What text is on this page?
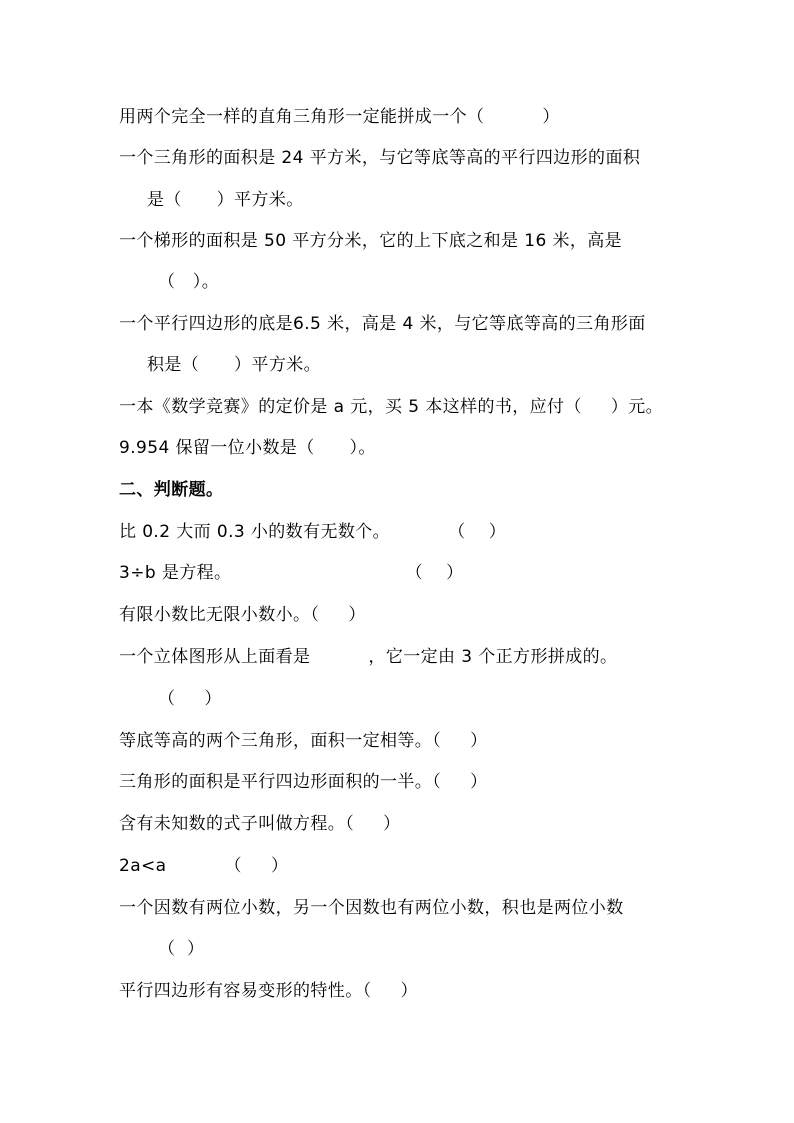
用两个完全一样的直角三角形一定能拼成一个（          ）
一个三角形的面积是 24 平方米，与它等底等高的平行四边形的面积
是（      ）平方米。
一个梯形的面积是 50 平方分米，它的上下底之和是 16 米，高是
（   ）。
一个平行四边形的底是6.5 米，高是 4 米，与它等底等高的三角形面
积是（      ）平方米。
一本《数学竞赛》的定价是 a 元，买 5 本这样的书，应付（     ）元。
9.954 保留一位小数是（      ）。
二、判断题。
比 0.2 大而 0.3 小的数有无数个。          （    ）
3÷b 是方程。                              （    ）
有限小数比无限小数小。（     ）
一个立体图形从上面看是          ，它一定由 3 个正方形拼成的。
（     ）
等底等高的两个三角形，面积一定相等。（     ）
三角形的面积是平行四边形面积的一半。（     ）
含有未知数的式子叫做方程。（     ）
2a<a          （     ）
一个因数有两位小数，另一个因数也有两位小数，积也是两位小数
（  ）
平行四边形有容易变形的特性。（     ）
